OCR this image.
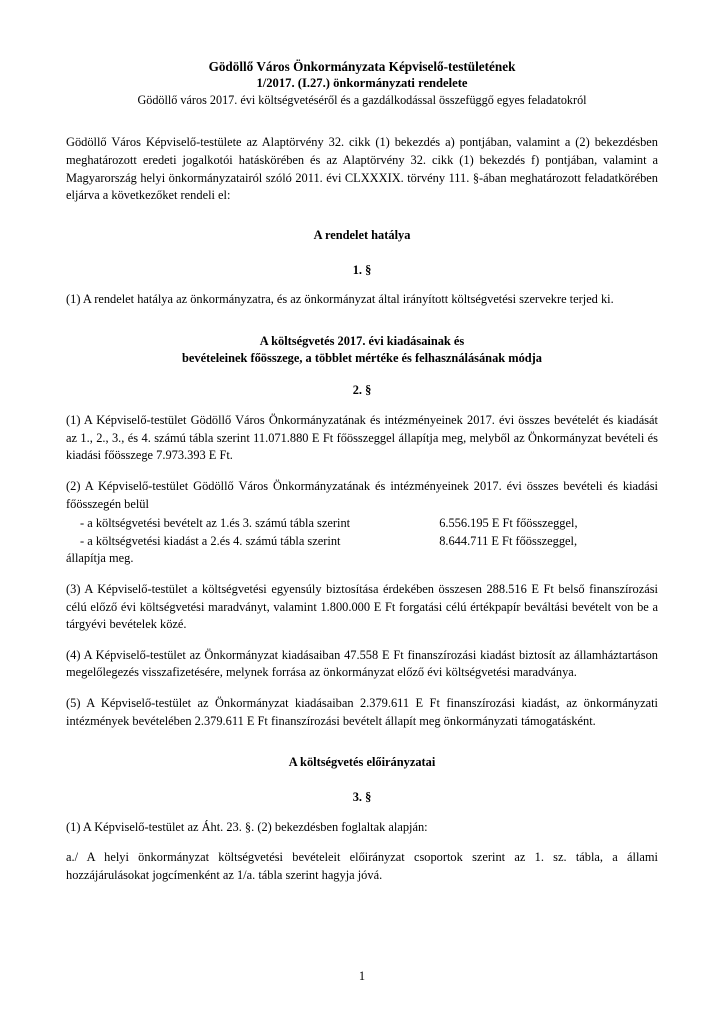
Gödöllő Város Önkormányzata Képviselő-testületének
1/2017. (I.27.) önkormányzati rendelete
Gödöllő város 2017. évi költségvetéséről és a gazdálkodással összefüggő egyes feladatokról
Gödöllő Város Képviselő-testülete az Alaptörvény 32. cikk (1) bekezdés a) pontjában, valamint a (2) bekezdésben meghatározott eredeti jogalkotói hatáskörében és az Alaptörvény 32. cikk (1) bekezdés f) pontjában, valamint a Magyarország helyi önkormányzatairól szóló 2011. évi CLXXXIX. törvény 111. §-ában meghatározott feladatkörében eljárva a következőket rendeli el:
A rendelet hatálya
1. §
(1) A rendelet hatálya az önkormányzatra, és az önkormányzat által irányított költségvetési szervekre terjed ki.
A költségvetés 2017. évi kiadásainak és
bevételeinek főösszege, a többlet mértéke és felhasználásának módja
2. §
(1) A Képviselő-testület Gödöllő Város Önkormányzatának és intézményeinek 2017. évi összes bevételét és kiadását az 1., 2., 3., és 4. számú tábla szerint 11.071.880 E Ft főösszeggel állapítja meg, melyből az Önkormányzat bevételi és kiadási főösszege 7.973.393 E Ft.
(2) A Képviselő-testület Gödöllő Város Önkormányzatának és intézményeinek 2017. évi összes bevételi és kiadási főösszegén belül
- a költségvetési bevételt az 1.és 3. számú tábla szerint	6.556.195 E Ft főösszeggel,
- a költségvetési kiadást a 2.és 4. számú tábla szerint	8.644.711 E Ft főösszeggel,
állapítja meg.
(3) A Képviselő-testület a költségvetési egyensúly biztosítása érdekében összesen 288.516 E Ft belső finanszírozási célú előző évi költségvetési maradványt, valamint 1.800.000 E Ft forgatási célú értékpapír beváltási bevételt von be a tárgyévi bevételek közé.
(4) A Képviselő-testület az Önkormányzat kiadásaiban 47.558 E Ft finanszírozási kiadást biztosít az államháztartáson megelőlegezés visszafizetésére, melynek forrása az önkormányzat előző évi költségvetési maradványa.
(5) A Képviselő-testület az Önkormányzat kiadásaiban 2.379.611 E Ft finanszírozási kiadást, az önkormányzati intézmények bevételében 2.379.611 E Ft finanszírozási bevételt állapít meg önkormányzati támogatásként.
A költségvetés előirányzatai
3. §
(1) A Képviselő-testület az Áht. 23. §. (2) bekezdésben foglaltak alapján:
a./ A helyi önkormányzat költségvetési bevételeit előirányzat csoportok szerint az 1. sz. tábla, a állami hozzájárulásokat jogcímenként az 1/a. tábla szerint hagyja jóvá.
1
